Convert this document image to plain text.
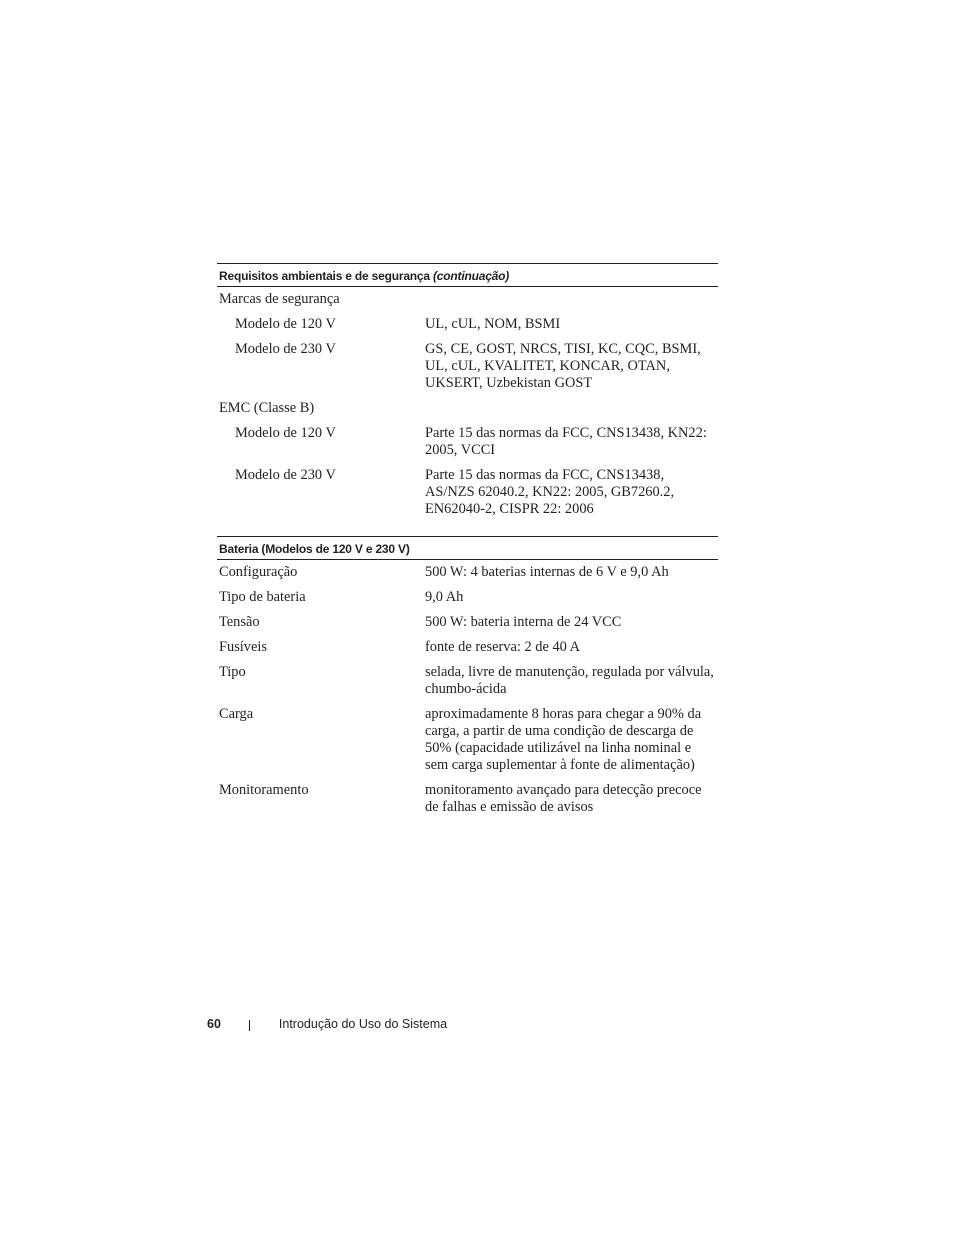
Requisitos ambientais e de segurança (continuação)
Marcas de segurança
Modelo de 120 V	UL, cUL, NOM, BSMI
Modelo de 230 V	GS, CE, GOST, NRCS, TISI, KC, CQC, BSMI, UL, cUL, KVALITET, KONCAR, OTAN, UKSERT, Uzbekistan GOST
EMC (Classe B)
Modelo de 120 V	Parte 15 das normas da FCC, CNS13438, KN22: 2005, VCCI
Modelo de 230 V	Parte 15 das normas da FCC, CNS13438, AS/NZS 62040.2, KN22: 2005, GB7260.2, EN62040-2, CISPR 22: 2006
Bateria (Modelos de 120 V e 230 V)
Configuração	500 W: 4 baterias internas de 6 V e 9,0 Ah
Tipo de bateria	9,0 Ah
Tensão	500 W: bateria interna de 24 VCC
Fusíveis	fonte de reserva: 2 de 40 A
Tipo	selada, livre de manutenção, regulada por válvula, chumbo-ácida
Carga	aproximadamente 8 horas para chegar a 90% da carga, a partir de uma condição de descarga de 50% (capacidade utilizável na linha nominal e sem carga suplementar à fonte de alimentação)
Monitoramento	monitoramento avançado para detecção precoce de falhas e emissão de avisos
60	Introdução do Uso do Sistema
